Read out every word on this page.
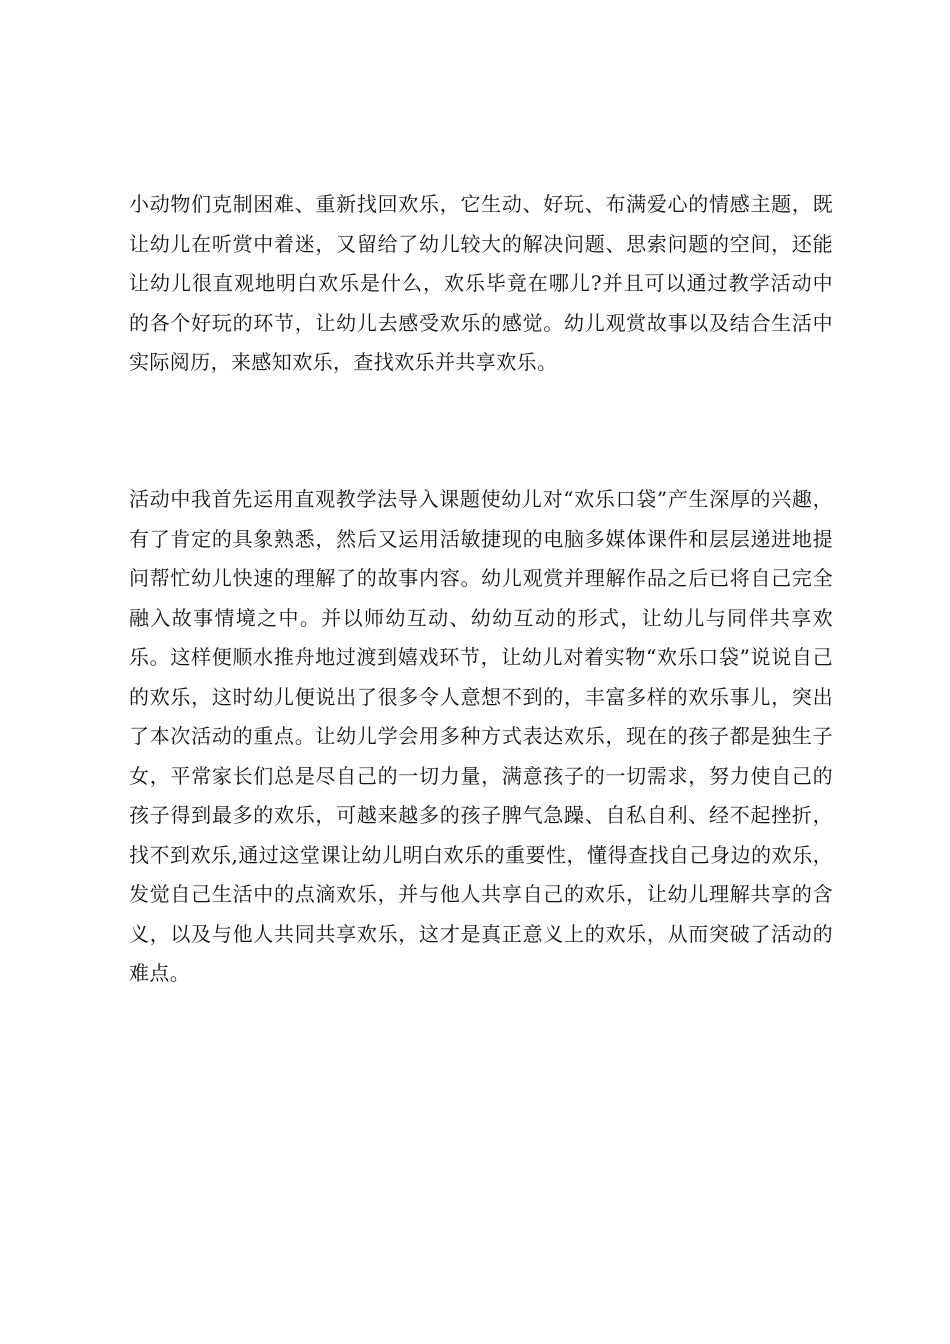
小动物们克制困难、重新找回欢乐，它生动、好玩、布满爱心的情感主题，既让幼儿在听赏中着迷，又留给了幼儿较大的解决问题、思索问题的空间，还能让幼儿很直观地明白欢乐是什么，欢乐毕竟在哪儿?并且可以通过教学活动中的各个好玩的环节，让幼儿去感受欢乐的感觉。幼儿观赏故事以及结合生活中实际阅历，来感知欢乐，查找欢乐并共享欢乐。

活动中我首先运用直观教学法导入课题使幼儿对“欢乐口袋”产生深厚的兴趣，有了肯定的具象熟悉，然后又运用活敏捷现的电脑多媒体课件和层层递进地提问帮忙幼儿快速的理解了的故事内容。幼儿观赏并理解作品之后已将自己完全融入故事情境之中。并以师幼互动、幼幼互动的形式，让幼儿与同伴共享欢乐。这样便顺水推舟地过渡到嬉戏环节，让幼儿对着实物“欢乐口袋”说说自己的欢乐，这时幼儿便说出了很多令人意想不到的，丰富多样的欢乐事儿，突出了本次活动的重点。让幼儿学会用多种方式表达欢乐，现在的孩子都是独生子女，平常家长们总是尽自己的一切力量，满意孩子的一切需求，努力使自己的孩子得到最多的欢乐，可越来越多的孩子脾气急躁、自私自利、经不起挫折，找不到欢乐,通过这堂课让幼儿明白欢乐的重要性，懂得查找自己身边的欢乐，发觉自己生活中的点滴欢乐，并与他人共享自己的欢乐，让幼儿理解共享的含义，以及与他人共同共享欢乐，这才是真正意义上的欢乐，从而突破了活动的难点。
